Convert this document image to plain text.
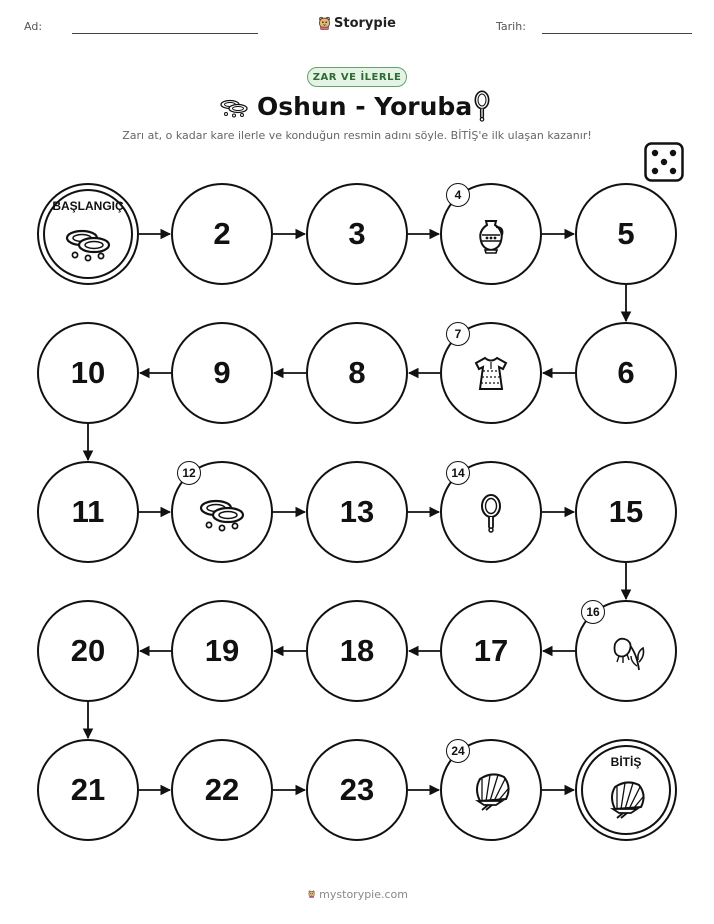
Ad:	Storypie	Tarih:
ZAR VE İLERLE
Oshun - Yoruba
Zarı at, o kadar kare ilerle ve konduğun resmin adını söyle. BİTİŞ'e ilk ulaşan kazanır!
BAŞLANGIÇ
2	3
4
5
6
7
8
9
10
11
12
13
14
15
16
17
18
19
20
21	22	23
24
BİTİŞ
mystorypie.com
